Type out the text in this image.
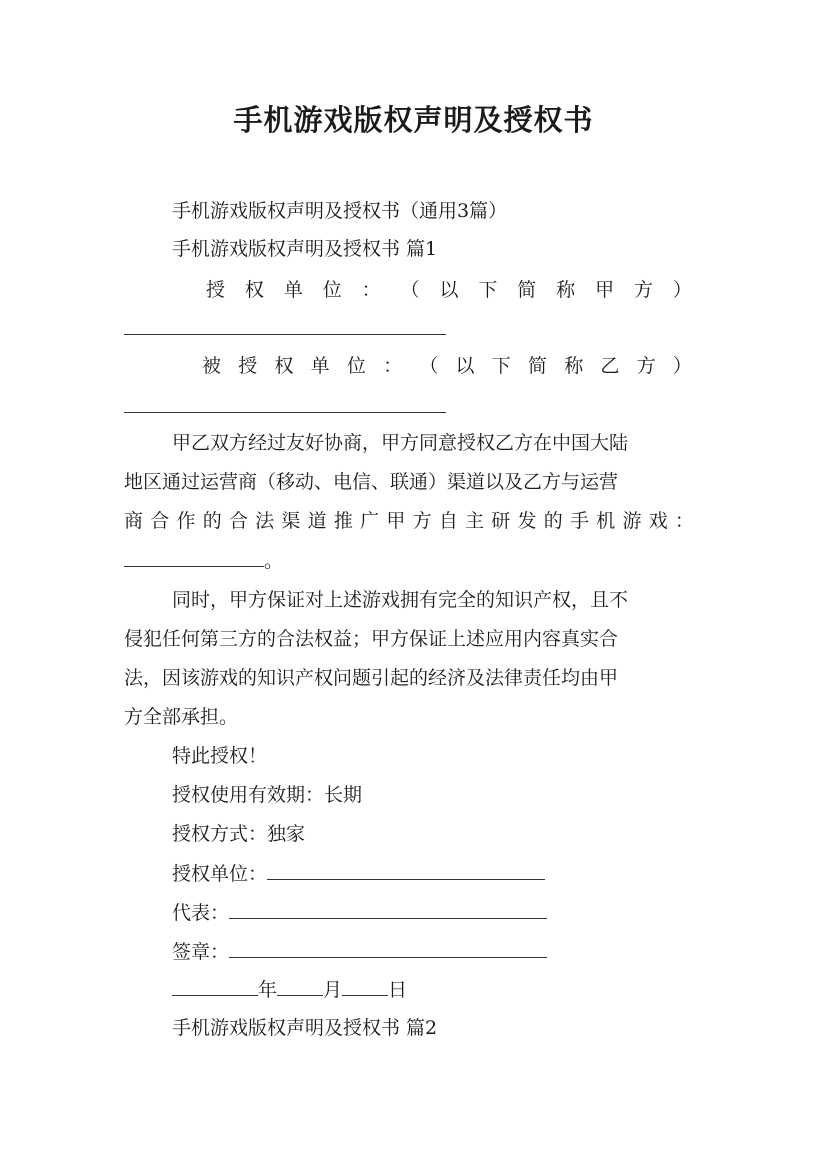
手机游戏版权声明及授权书
手机游戏版权声明及授权书（通用3篇）
手机游戏版权声明及授权书 篇1
授 权 单 位 ： （ 以 下 简 称 甲 方 ）
被 授 权 单 位 ： （ 以 下 简 称 乙 方 ）
甲乙双方经过友好协商，甲方同意授权乙方在中国大陆
地区通过运营商（移动、电信、联通）渠道以及乙方与运营
商 合 作 的 合 法 渠 道 推 广 甲 方 自 主 研 发 的 手 机 游 戏 ：
。
同时，甲方保证对上述游戏拥有完全的知识产权，且不
侵犯任何第三方的合法权益；甲方保证上述应用内容真实合
法，因该游戏的知识产权问题引起的经济及法律责任均由甲
方全部承担。
特此授权！
授权使用有效期：长期
授权方式：独家
授权单位：
代表：
签章：
年 月 日
手机游戏版权声明及授权书 篇2
